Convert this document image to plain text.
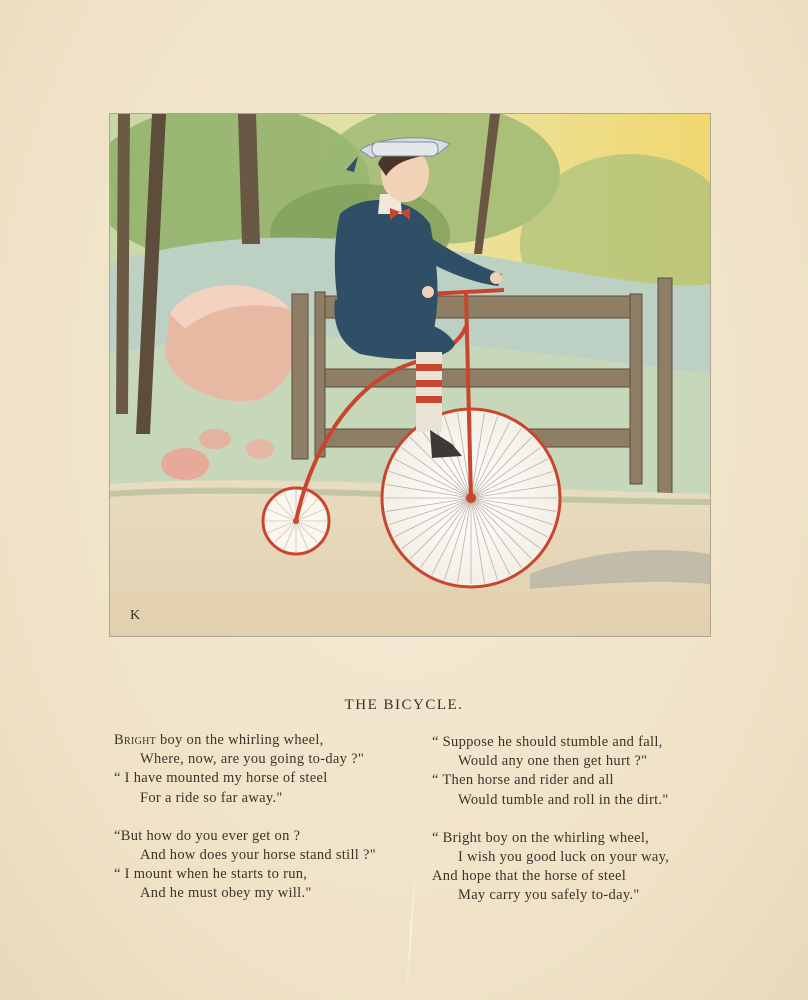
K
THE BICYCLE.
Bright boy on the whirling wheel,
Where, now, are you going to-day ?"
“ I have mounted my horse of steel
For a ride so far away."
“But how do you ever get on ?
And how does your horse stand still ?"
“ I mount when he starts to run,
And he must obey my will."
“ Suppose he should stumble and fall,
Would any one then get hurt ?"
“ Then horse and rider and all
Would tumble and roll in the dirt."
“ Bright boy on the whirling wheel,
I wish you good luck on your way,
And hope that the horse of steel
May carry you safely to-day."
